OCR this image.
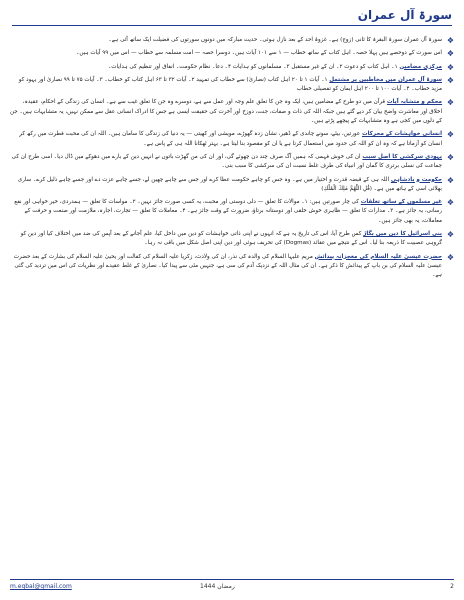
سورۃ آل عمران
❖
سورۃ آل عمران سورۃ البقرۃ کا ثانی (زوج) ہے۔ غزوۂ احد کے بعد نازل ہوئی۔ حدیث مبارکہ میں دونوں سورتوں کی فضیلت ایک ساتھ آئی ہے۔
❖
اس سورت کے دوحصے ہیں پہلا حصہ۔ اہل کتاب کے ساتھ خطاب — ۱ سے ۱۰۱ آیات ہیں۔ دوسرا حصہ — امت مسلمہ سے خطاب — اس میں ۹۹ آیات ہیں۔
❖
مرکزی مضامین ۱۔ اہل کتاب کو دعوت ۲۔ ان کے غیر مستقبل ۳۔ مسلمانوں کو ہدایات ۴۔ دعا۔ نظام حکومت۔ انفاق اور تنظیم کی ہدایات۔
❖
سورۃ آل عمران میں مخاطبین پر مشتمل ۱۔ آیات ۱ تا ۲۰ اہل کتاب (نصاریٰ) سے خطاب کی تمہید ۲۔ آیات ۳۲ تا ۶۳ اہل کتاب کو خطاب۔ ۳۔ آیات ۷۵ تا ۹۹ نصاریٰ اور یہود کو مزید خطاب۔ ۴۔ آیات ۱۰۰ تا ۲۰۰ اہل ایمان کو تفصیلی خطاب
❖
محکم و متشابہ آیات قرآن میں دو طرح کے مضامین ہیں، ایک وہ جن کا تعلق علم وجہ اور عمل سے ہے، دوسرے وہ جن کا تعلق غیب سے ہے۔ انسان کی زندگی کے احکام، عقیدہ، اخلاق اور معاشرت واضح بیان کر دیے گئے ہیں جبکہ اللہ کی ذات و صفات، جنت، دوزخ اور آخرت کی حقیقت ایسی ہے جس کا ادراک انسانی عقل سے ممکن نہیں، یہ متشابہات ہیں۔ جن کے دلوں میں کجی ہے وہ متشابہات کے پیچھے پڑتے ہیں۔
❖
انسانی خواہشات کے محرکات عورتیں، بیٹے، سونے چاندی کے ڈھیر، نشان زدہ گھوڑے، مویشی اور کھیتی — یہ دنیا کی زندگی کا سامان ہیں۔ اللہ ان کی محبت فطرت میں رکھ کر انسان کو آزماتا ہے کہ وہ ان کو اللہ کی حدود میں استعمال کرتا ہے یا ان کو مقصود بنا لیتا ہے۔ بہتر ٹھکانا اللہ ہی کے پاس ہے۔
❖
یہودی سرکشی کا اصل سبب ان کی خوش فہمی کہ ہمیں آگ صرف چند دن چھوئے گی، اور ان کی من گھڑت باتوں نے انہیں دین کے بارے میں دھوکے میں ڈال دیا۔ اسی طرح ان کی جماعت کی نسلی برتری کا گمان اور انبیاء کی طرف غلط نسبت ان کی سرکشی کا سبب بنی۔
❖
حکومت و بادشاہی اللہ ہی کے قبضہ قدرت و اختیار میں ہے۔ وہ جس کو چاہے حکومت عطا کرے اور جس سے چاہے چھین لے، جسے چاہے عزت دے اور جسے چاہے ذلیل کرے۔ ساری بھلائی اسی کے ہاتھ میں ہے۔ (قُلِ اللّٰهُمَّ مٰلِكَ الْمُلْكِ)
❖
غیر مسلموں کے ساتھ تعلقات کی چار صورتیں ہیں: ۱۔ موالات کا تعلق — دلی دوستی اور محبت، یہ کسی صورت جائز نہیں۔ ۲۔ مواسات کا تعلق — ہمدردی، خیر خواہی اور نفع رسانی، یہ جائز ہے۔ ۳۔ مدارات کا تعلق — ظاہری خوش خلقی اور دوستانہ برتاؤ، ضرورت کے وقت جائز ہے۔ ۴۔ معاملات کا تعلق — تجارت، اجارہ، ملازمت اور صنعت و حرفت کے معاملات، یہ بھی جائز ہیں۔
❖
بنی اسرائیل کا دین میں بگاڑ کس طرح آیا، اس کی تاریخ یہ ہے کہ انہوں نے اپنی ذاتی خواہشات کو دین میں داخل کیا، علم آجانے کے بعد آپس کی ضد میں اختلاف کیا اور دین کو گروہی عصبیت کا ذریعہ بنا لیا۔ اس کے نتیجے میں عقائد (Dogmas) کی تحریف ہوئی اور دین اپنی اصل شکل میں باقی نہ رہا۔
❖
حضرت عیسیٰ علیہ السلام کی معجزانہ پیدائش مریم علیہا السلام کی والدہ کی نذر، ان کی ولادت، زکریا علیہ السلام کی کفالت اور یحییٰ علیہ السلام کی بشارت کے بعد حضرت عیسیٰ علیہ السلام کی بن باپ کے پیدائش کا ذکر ہے۔ ان کی مثال اللہ کے نزدیک آدم کی سی ہے، جنہیں مٹی سے پیدا کیا۔ نصاریٰ کے غلط عقیدے اور نظریات کی اس میں تردید کی گئی ہے۔
m.eqbal@gmail.com	رمضان 1444	2
